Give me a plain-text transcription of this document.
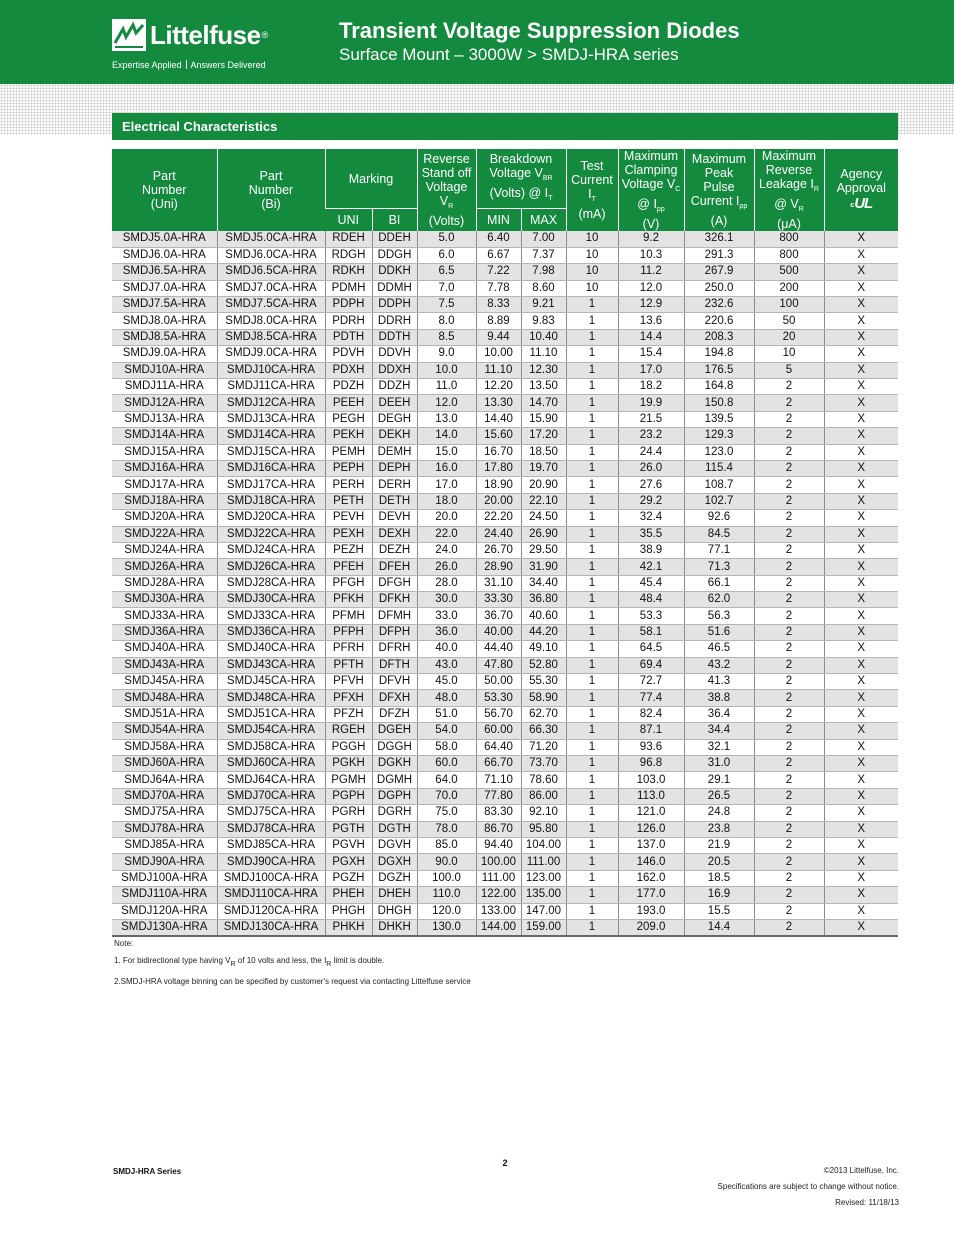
Littelfuse®
Expertise Applied Answers Delivered
Transient Voltage Suppression Diodes
Surface Mount – 3000W > SMDJ-HRA series
Electrical Characteristics
Part
Number
(Uni)	Part
Number
(Bi)	Marking		Reverse
Stand off
Voltage
$V_R$
(Volts)	Breakdown
Voltage $V_{BR}$
(Volts) @ $I_T$		Test
Current
$I_T$
(mA)	Maximum
Clamping
Voltage $V_C$
@ $I_{pp}$
(V)	Maximum
Peak
Pulse
Current $I_{pp}$
(A)	Maximum
Reverse
Leakage $I_R$
@ $V_R$
(μA)	Agency
Approval
cUL
		UNI	BI		MIN	MAX					
SMDJ5.0A-HRA	SMDJ5.0CA-HRA	RDEH	DDEH	5.0	6.40	7.00	10	9.2	326.1	800	X
SMDJ6.0A-HRA	SMDJ6.0CA-HRA	RDGH	DDGH	6.0	6.67	7.37	10	10.3	291.3	800	X
SMDJ6.5A-HRA	SMDJ6.5CA-HRA	RDKH	DDKH	6.5	7.22	7.98	10	11.2	267.9	500	X
SMDJ7.0A-HRA	SMDJ7.0CA-HRA	PDMH	DDMH	7.0	7.78	8.60	10	12.0	250.0	200	X
SMDJ7.5A-HRA	SMDJ7.5CA-HRA	PDPH	DDPH	7.5	8.33	9.21	1	12.9	232.6	100	X
SMDJ8.0A-HRA	SMDJ8.0CA-HRA	PDRH	DDRH	8.0	8.89	9.83	1	13.6	220.6	50	X
SMDJ8.5A-HRA	SMDJ8.5CA-HRA	PDTH	DDTH	8.5	9.44	10.40	1	14.4	208.3	20	X
SMDJ9.0A-HRA	SMDJ9.0CA-HRA	PDVH	DDVH	9.0	10.00	11.10	1	15.4	194.8	10	X
SMDJ10A-HRA	SMDJ10CA-HRA	PDXH	DDXH	10.0	11.10	12.30	1	17.0	176.5	5	X
SMDJ11A-HRA	SMDJ11CA-HRA	PDZH	DDZH	11.0	12.20	13.50	1	18.2	164.8	2	X
SMDJ12A-HRA	SMDJ12CA-HRA	PEEH	DEEH	12.0	13.30	14.70	1	19.9	150.8	2	X
SMDJ13A-HRA	SMDJ13CA-HRA	PEGH	DEGH	13.0	14.40	15.90	1	21.5	139.5	2	X
SMDJ14A-HRA	SMDJ14CA-HRA	PEKH	DEKH	14.0	15.60	17.20	1	23.2	129.3	2	X
SMDJ15A-HRA	SMDJ15CA-HRA	PEMH	DEMH	15.0	16.70	18.50	1	24.4	123.0	2	X
SMDJ16A-HRA	SMDJ16CA-HRA	PEPH	DEPH	16.0	17.80	19.70	1	26.0	115.4	2	X
SMDJ17A-HRA	SMDJ17CA-HRA	PERH	DERH	17.0	18.90	20.90	1	27.6	108.7	2	X
SMDJ18A-HRA	SMDJ18CA-HRA	PETH	DETH	18.0	20.00	22.10	1	29.2	102.7	2	X
SMDJ20A-HRA	SMDJ20CA-HRA	PEVH	DEVH	20.0	22.20	24.50	1	32.4	92.6	2	X
SMDJ22A-HRA	SMDJ22CA-HRA	PEXH	DEXH	22.0	24.40	26.90	1	35.5	84.5	2	X
SMDJ24A-HRA	SMDJ24CA-HRA	PEZH	DEZH	24.0	26.70	29.50	1	38.9	77.1	2	X
SMDJ26A-HRA	SMDJ26CA-HRA	PFEH	DFEH	26.0	28.90	31.90	1	42.1	71.3	2	X
SMDJ28A-HRA	SMDJ28CA-HRA	PFGH	DFGH	28.0	31.10	34.40	1	45.4	66.1	2	X
SMDJ30A-HRA	SMDJ30CA-HRA	PFKH	DFKH	30.0	33.30	36.80	1	48.4	62.0	2	X
SMDJ33A-HRA	SMDJ33CA-HRA	PFMH	DFMH	33.0	36.70	40.60	1	53.3	56.3	2	X
SMDJ36A-HRA	SMDJ36CA-HRA	PFPH	DFPH	36.0	40.00	44.20	1	58.1	51.6	2	X
SMDJ40A-HRA	SMDJ40CA-HRA	PFRH	DFRH	40.0	44.40	49.10	1	64.5	46.5	2	X
SMDJ43A-HRA	SMDJ43CA-HRA	PFTH	DFTH	43.0	47.80	52.80	1	69.4	43.2	2	X
SMDJ45A-HRA	SMDJ45CA-HRA	PFVH	DFVH	45.0	50.00	55.30	1	72.7	41.3	2	X
SMDJ48A-HRA	SMDJ48CA-HRA	PFXH	DFXH	48.0	53.30	58.90	1	77.4	38.8	2	X
SMDJ51A-HRA	SMDJ51CA-HRA	PFZH	DFZH	51.0	56.70	62.70	1	82.4	36.4	2	X
SMDJ54A-HRA	SMDJ54CA-HRA	RGEH	DGEH	54.0	60.00	66.30	1	87.1	34.4	2	X
SMDJ58A-HRA	SMDJ58CA-HRA	PGGH	DGGH	58.0	64.40	71.20	1	93.6	32.1	2	X
SMDJ60A-HRA	SMDJ60CA-HRA	PGKH	DGKH	60.0	66.70	73.70	1	96.8	31.0	2	X
SMDJ64A-HRA	SMDJ64CA-HRA	PGMH	DGMH	64.0	71.10	78.60	1	103.0	29.1	2	X
SMDJ70A-HRA	SMDJ70CA-HRA	PGPH	DGPH	70.0	77.80	86.00	1	113.0	26.5	2	X
SMDJ75A-HRA	SMDJ75CA-HRA	PGRH	DGRH	75.0	83.30	92.10	1	121.0	24.8	2	X
SMDJ78A-HRA	SMDJ78CA-HRA	PGTH	DGTH	78.0	86.70	95.80	1	126.0	23.8	2	X
SMDJ85A-HRA	SMDJ85CA-HRA	PGVH	DGVH	85.0	94.40	104.00	1	137.0	21.9	2	X
SMDJ90A-HRA	SMDJ90CA-HRA	PGXH	DGXH	90.0	100.00	111.00	1	146.0	20.5	2	X
SMDJ100A-HRA	SMDJ100CA-HRA	PGZH	DGZH	100.0	111.00	123.00	1	162.0	18.5	2	X
SMDJ110A-HRA	SMDJ110CA-HRA	PHEH	DHEH	110.0	122.00	135.00	1	177.0	16.9	2	X
SMDJ120A-HRA	SMDJ120CA-HRA	PHGH	DHGH	120.0	133.00	147.00	1	193.0	15.5	2	X
SMDJ130A-HRA	SMDJ130CA-HRA	PHKH	DHKH	130.0	144.00	159.00	1	209.0	14.4	2	X

Note:

1. For bidirectional type having VR of 10 volts and less, the IR limit is double.

2.SMDJ-HRA voltage binning can be specified by customer's request via contacting Littelfuse service

SMDJ-HRA Series
2
©2013 Littelfuse, Inc.
Specifications are subject to change without notice.
Revised: 11/18/13
